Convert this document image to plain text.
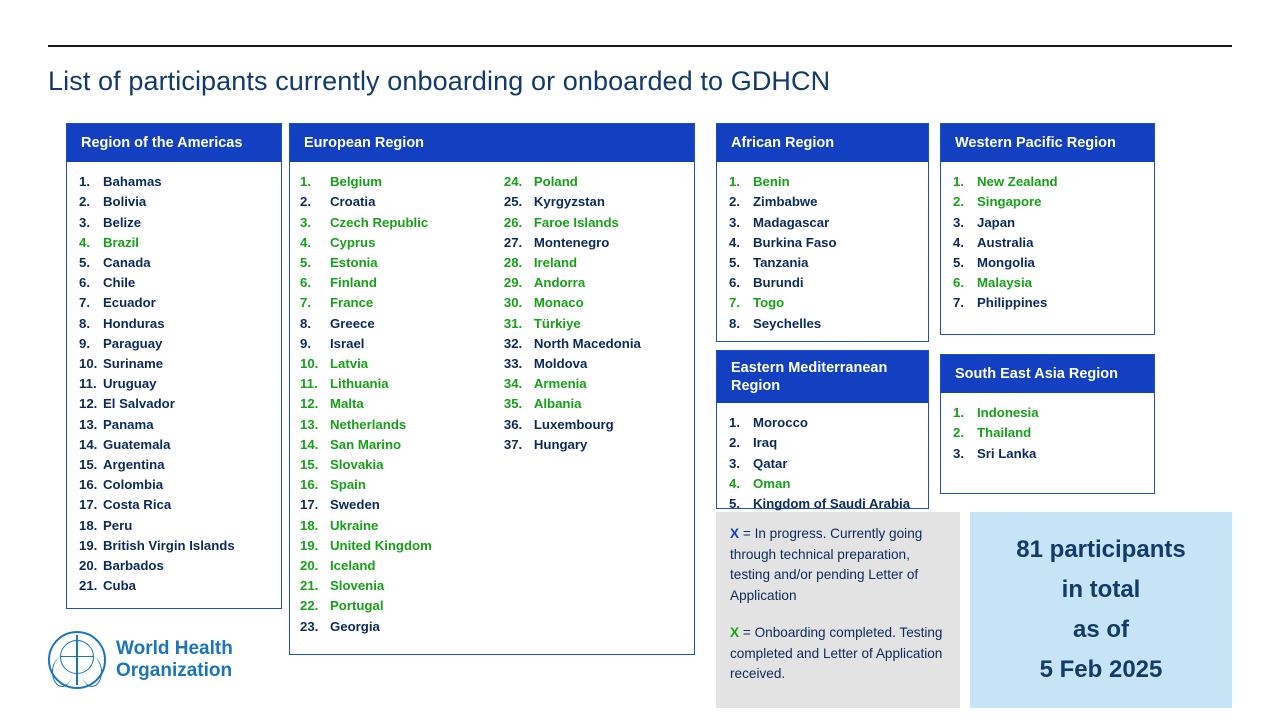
List of participants currently onboarding or onboarded to GDHCN
Region of the Americas
1. Bahamas
2. Bolivia
3. Belize
4. Brazil
5. Canada
6. Chile
7. Ecuador
8. Honduras
9. Paraguay
10. Suriname
11. Uruguay
12. El Salvador
13. Panama
14. Guatemala
15. Argentina
16. Colombia
17. Costa Rica
18. Peru
19. British Virgin Islands
20. Barbados
21. Cuba
European Region
1.	Belgium
2.	Croatia
3.	Czech Republic
4.	Cyprus
5.	Estonia
6.	Finland
7.	France
8.	Greece
9.	Israel
10. Latvia
11. Lithuania
12. Malta
13. Netherlands
14. San Marino
15. Slovakia
16. Spain
17. Sweden
18. Ukraine
19. United Kingdom
20. Iceland
21. Slovenia
22. Portugal
23. Georgia
24. Poland
25. Kyrgyzstan
26. Faroe Islands
27. Montenegro
28. Ireland
29. Andorra
30. Monaco
31. Türkiye
32. North Macedonia
33. Moldova
34. Armenia
35. Albania
36. Luxembourg
37. Hungary
African Region
1. Benin
2. Zimbabwe
3. Madagascar
4. Burkina Faso
5. Tanzania
6. Burundi
7. Togo
8. Seychelles
Western Pacific Region
1. New Zealand
2. Singapore
3. Japan
4. Australia
5. Mongolia
6. Malaysia
7. Philippines
Eastern Mediterranean Region
1. Morocco
2. Iraq
3. Qatar
4. Oman
5. Kingdom of Saudi Arabia
South East Asia Region
1. Indonesia
2. Thailand
3. Sri Lanka

X = In progress. Currently going through technical preparation, testing and/or pending Letter of Application

X = Onboarding completed. Testing completed and Letter of Application received.

81 participants
in total
as of
5 Feb 2025
World Health
Organization
